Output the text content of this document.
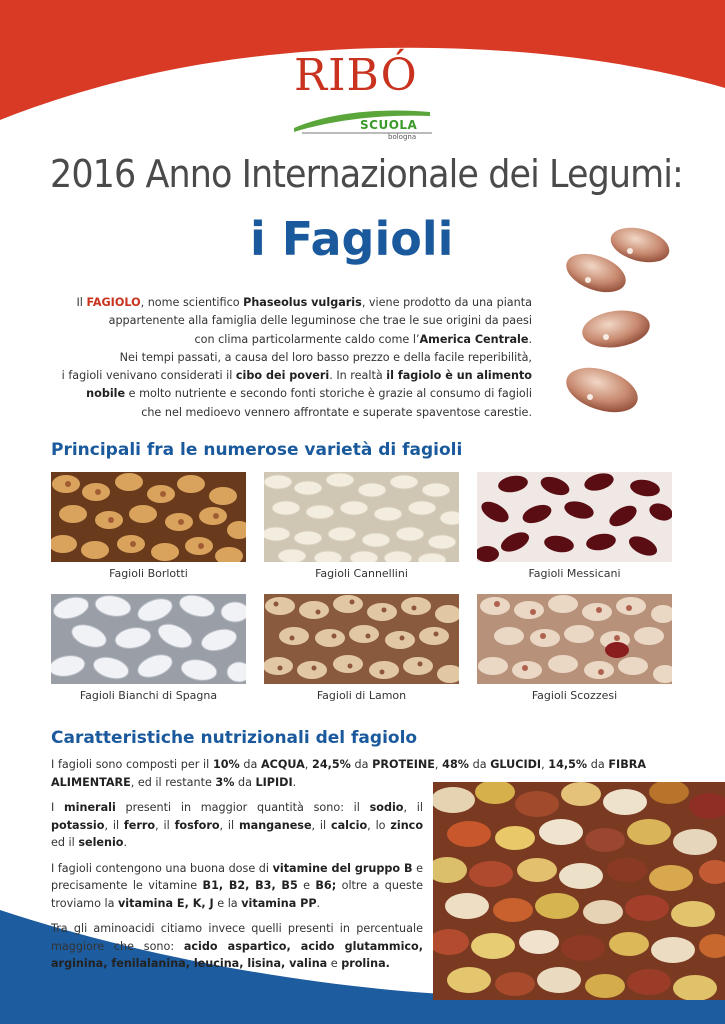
RIBÓ
SCUOLA
bologna
2016 Anno Internazionale dei Legumi:
i Fagioli
Il FAGIOLO, nome scientifico Phaseolus vulgaris, viene prodotto da una pianta
appartenente alla famiglia delle leguminose che trae le sue origini da paesi
con clima particolarmente caldo come l’America Centrale.
Nei tempi passati, a causa del loro basso prezzo e della facile reperibilità,
i fagioli venivano considerati il cibo dei poveri. In realtà il fagiolo è un alimento
nobile e molto nutriente e secondo fonti storiche è grazie al consumo di fagioli
che nel medioevo vennero affrontate e superate spaventose carestie.
Principali fra le numerose varietà di fagioli
Fagioli Borlotti	Fagioli Cannellini	Fagioli Messicani
Fagioli Bianchi di Spagna	Fagioli di Lamon	Fagioli Scozzesi
Caratteristiche nutrizionali del fagiolo

I fagioli sono composti per il 10% da ACQUA, 24,5% da PROTEINE, 48% da GLUCIDI, 14,5% da FIBRA ALIMENTARE, ed il restante 3% da LIPIDI.

I minerali presenti in maggior quantità sono: il sodio, il potassio, il ferro, il fosforo, il manganese, il calcio, lo zinco ed il selenio.

I fagioli contengono una buona dose di vitamine del gruppo B e precisamente le vitamine B1, B2, B3, B5 e B6; oltre a queste troviamo la vitamina E, K, J e la vitamina PP.

Tra gli aminoacidi citiamo invece quelli presenti in percentuale maggiore che sono: acido aspartico, acido glutammico, arginina, fenilalanina, leucina, lisina, valina e prolina.
